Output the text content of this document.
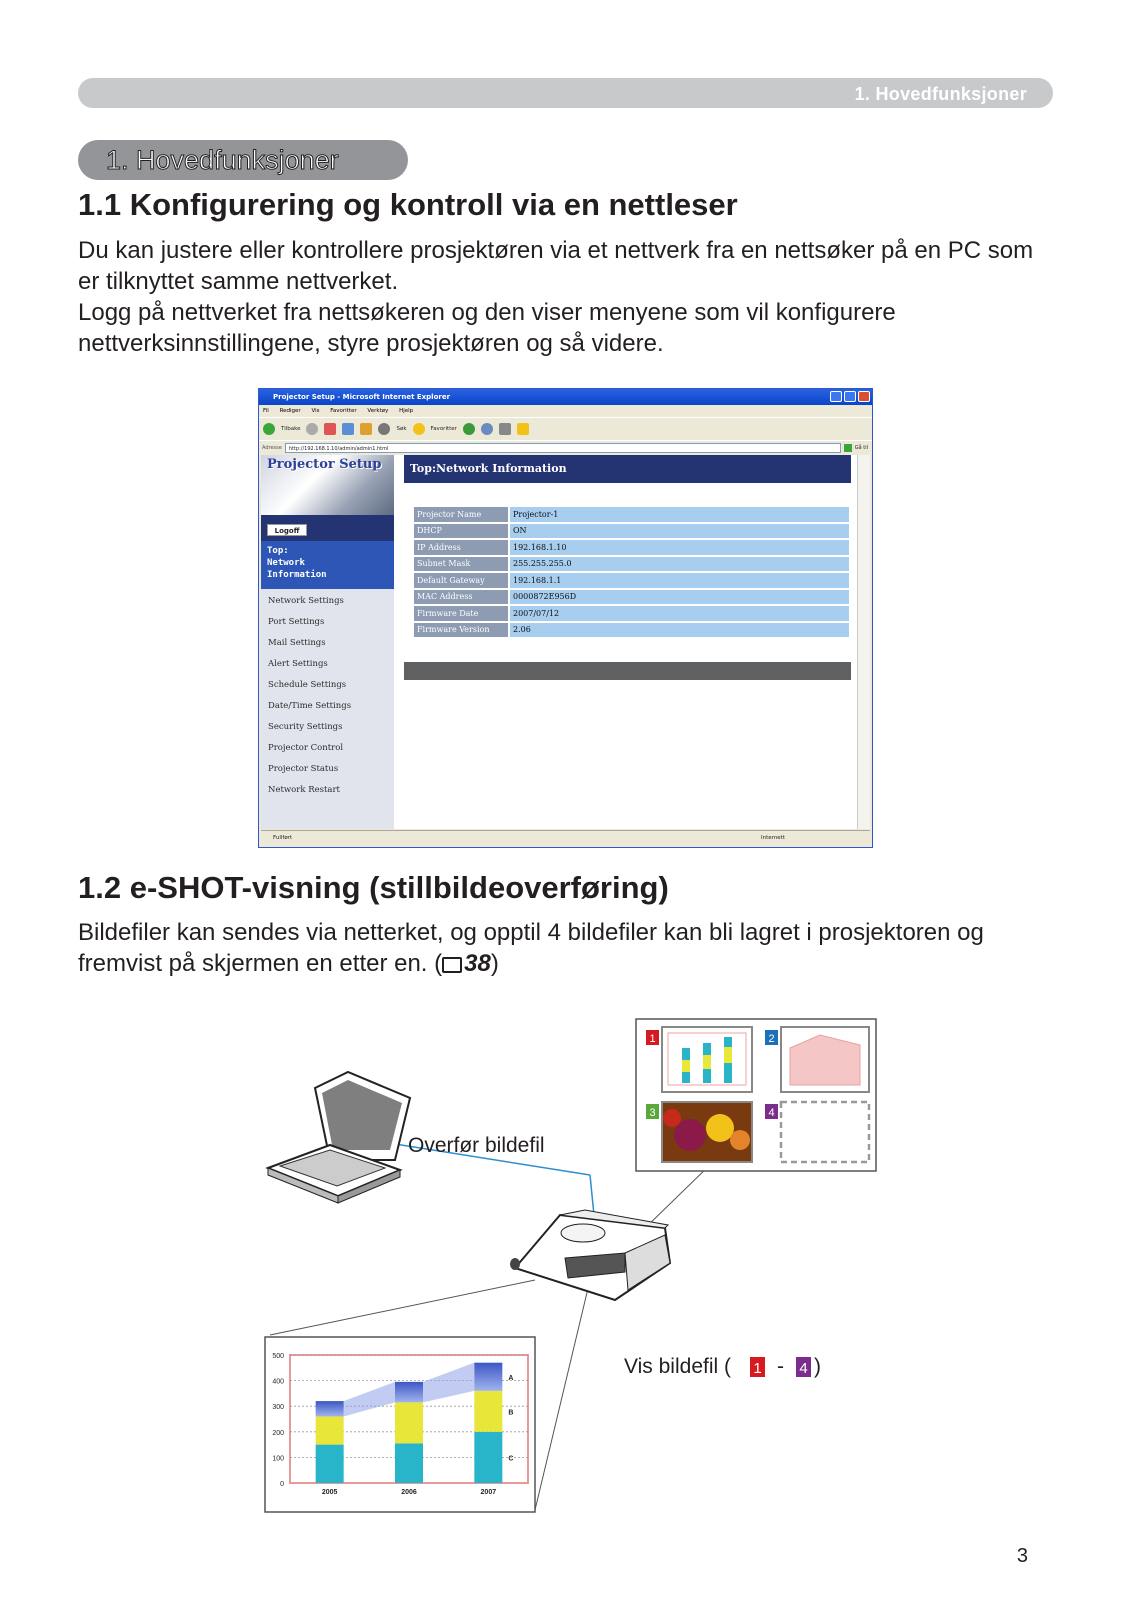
1. Hovedfunksjoner
1. Hovedfunksjoner
1.1 Konfigurering og kontroll via en nettleser

Du kan justere eller kontrollere prosjektøren via et nettverk fra en nettsøker på en PC som er tilknyttet samme nettverket.

Logg på nettverket fra nettsøkeren og den viser menyene som vil konfigurere nettverksinnstillingene, styre prosjektøren og så videre.

Projector Setup - Microsoft Internet Explorer
Fil Rediger Vis Favoritter Verktøy Hjelp
Tilbake	Søk	Favoritter
Adresse	http://192.168.1.10/admin/admin1.html	Gå til
Projector Setup
Logoff
Top:
Network
Information
Network Settings
Port Settings
Mail Settings
Alert Settings
Schedule Settings
Date/Time Settings
Security Settings
Projector Control
Projector Status
Network Restart
Top:Network Information
Projector Name	Projector-1
DHCP	ON
IP Address	192.168.1.10
Subnet Mask	255.255.255.0
Default Gateway	192.168.1.1
MAC Address	0000872E956D
Firmware Date	2007/07/12
Firmware Version	2.06
Fullført	Internett
1.2 e-SHOT-visning (stillbildeoverføring)

Bildefiler kan sendes via netterket, og opptil 4 bildefiler kan bli lagret i prosjektoren og fremvist på skjermen en etter en. ( 38)

Overfør bildefil
1	2
3	4
Vis bildefil ( 1 - 4 )
0
100
200
300
400
500
2005	2006	2007
C
B
A
3
